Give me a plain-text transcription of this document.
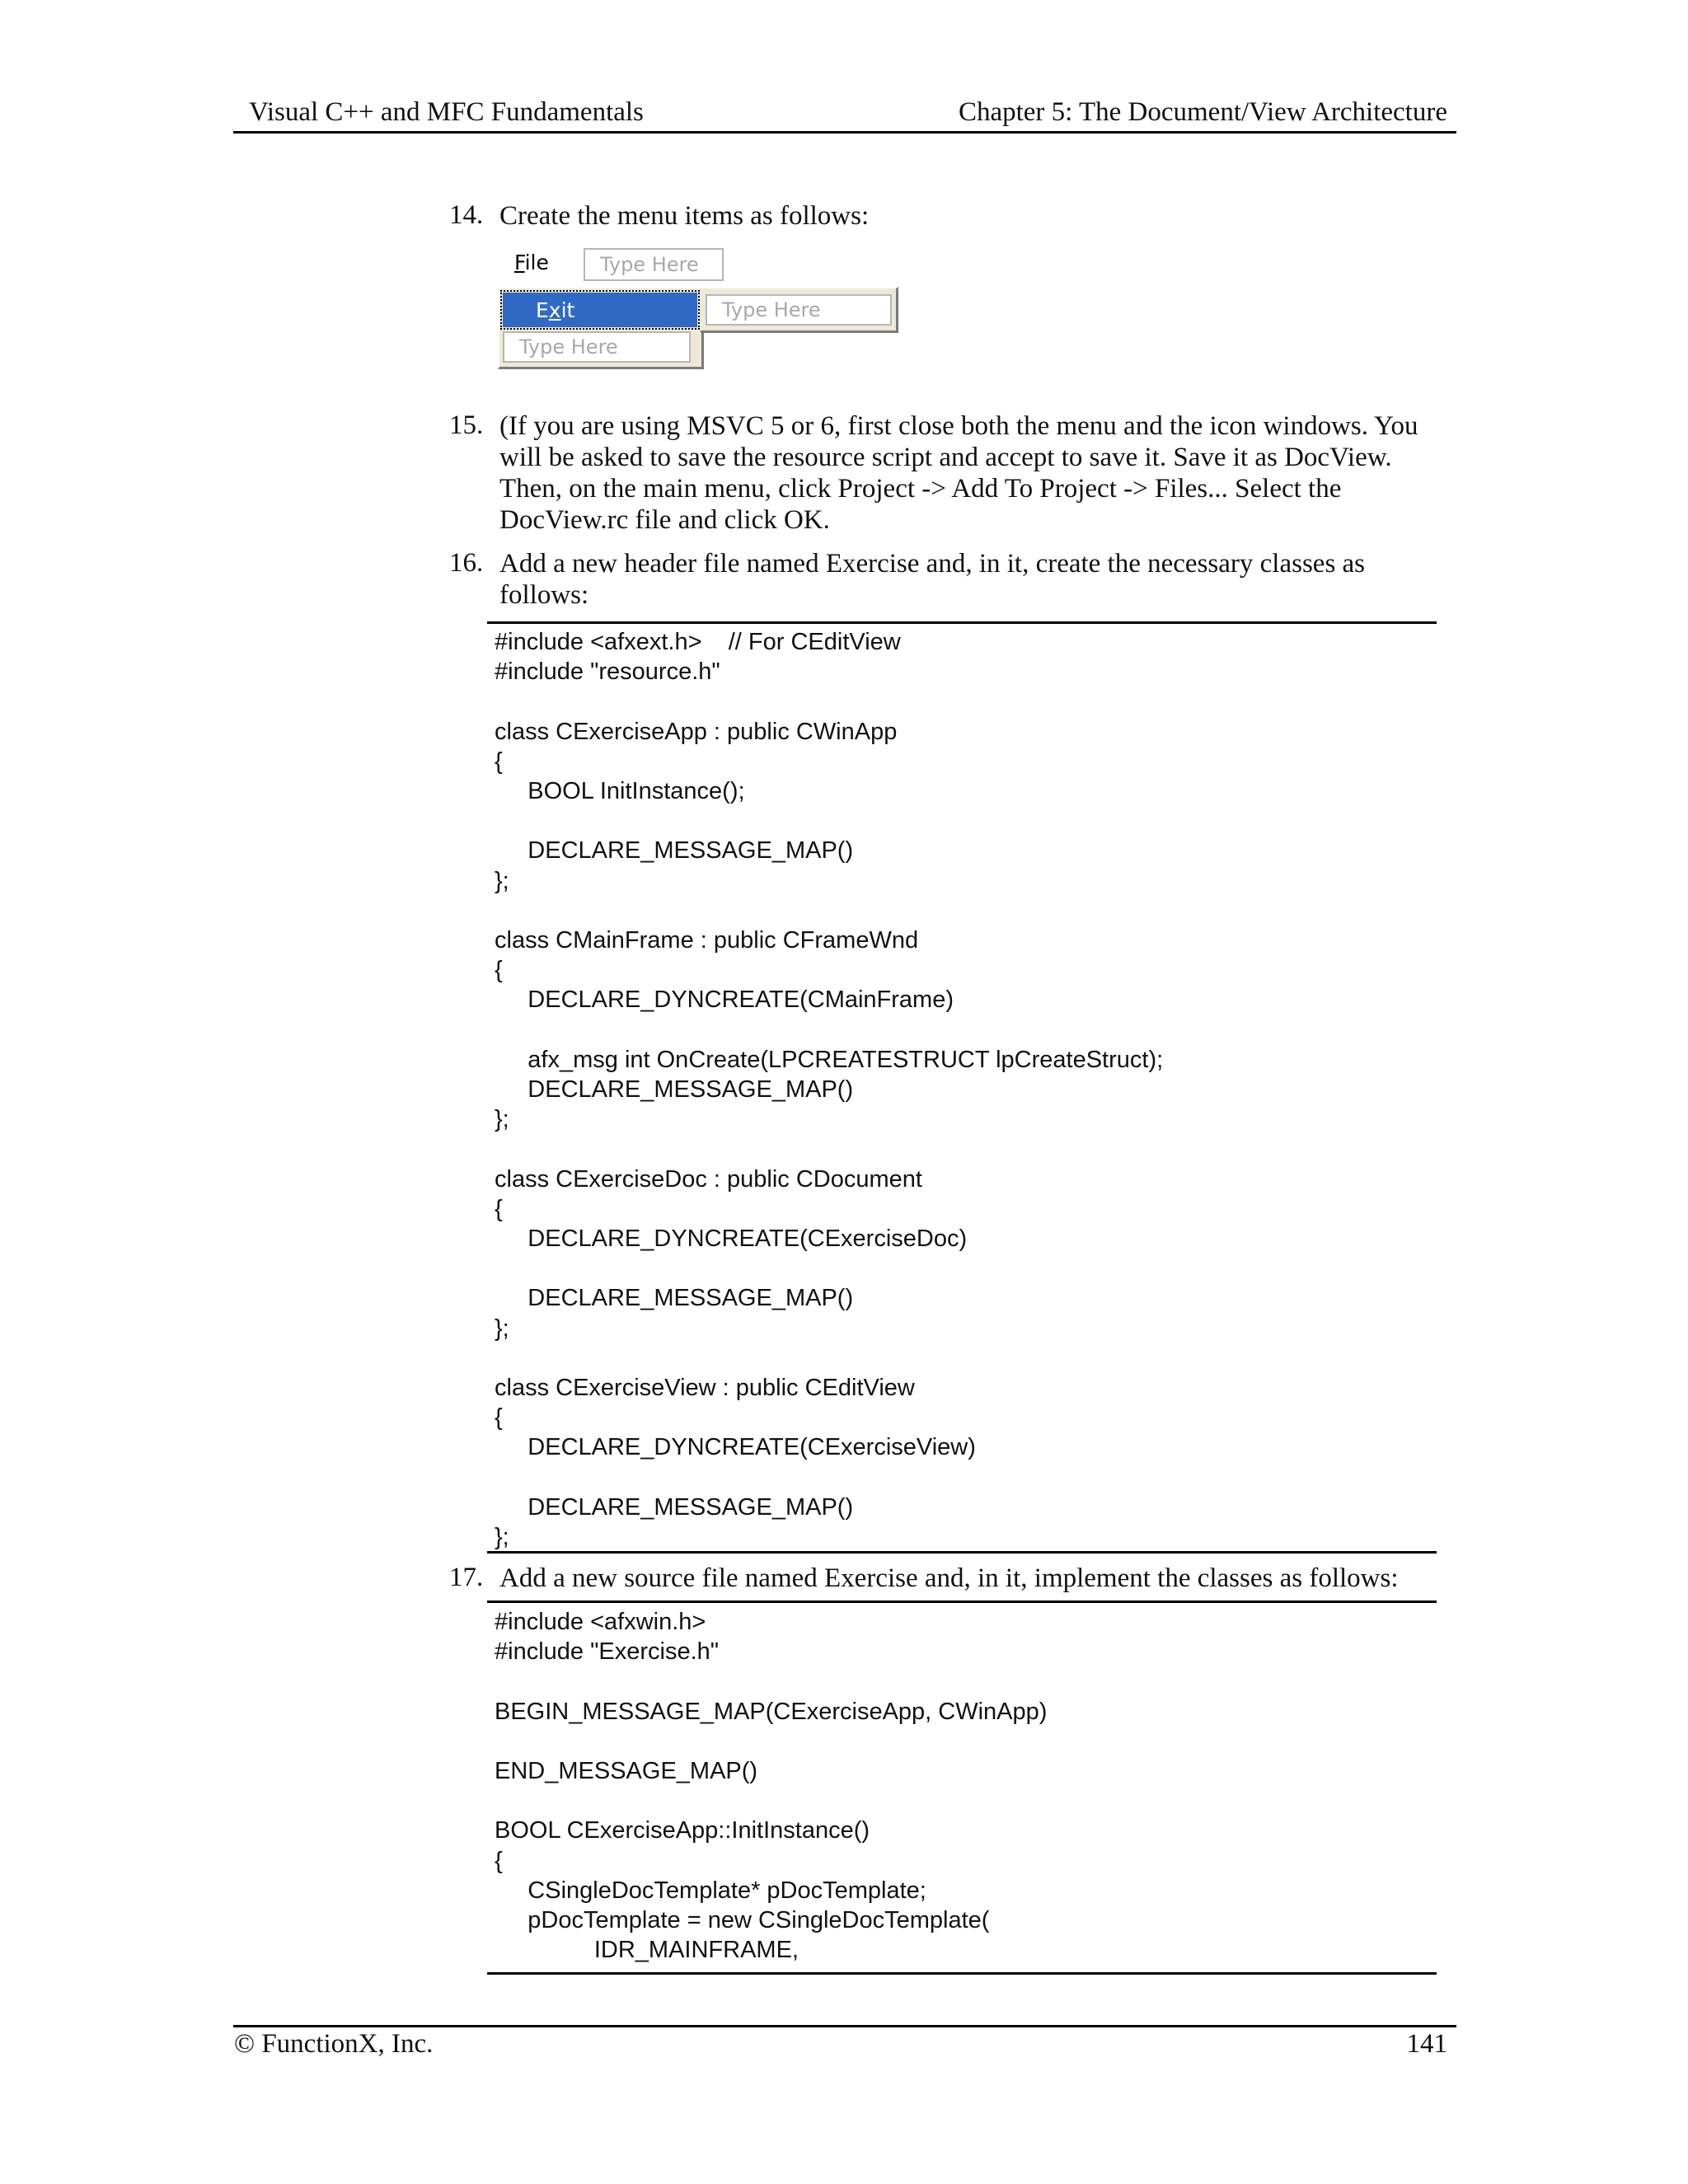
Visual C++ and MFC Fundamentals	Chapter 5: The Document/View Architecture
14. Create the menu items as follows:
File	Type Here
E x it
Type Here
Type Here
15. (If you are using MSVC 5 or 6, first close both the menu and the icon windows. You will be asked to save the resource script and accept to save it. Save it as DocView. Then, on the main menu, click Project -> Add To Project -> Files... Select the DocView.rc file and click OK.
16. Add a new header file named Exercise and, in it, create the necessary classes as follows:
#include <afxext.h>    // For CEditView
#include "resource.h"

class CExerciseApp : public CWinApp
{
BOOL InitInstance();

DECLARE_MESSAGE_MAP()
};

class CMainFrame : public CFrameWnd
{
DECLARE_DYNCREATE(CMainFrame)

afx_msg int OnCreate(LPCREATESTRUCT lpCreateStruct);
DECLARE_MESSAGE_MAP()
};

class CExerciseDoc : public CDocument
{
DECLARE_DYNCREATE(CExerciseDoc)

DECLARE_MESSAGE_MAP()
};

class CExerciseView : public CEditView
{
DECLARE_DYNCREATE(CExerciseView)

DECLARE_MESSAGE_MAP()
};
17. Add a new source file named Exercise and, in it, implement the classes as follows:
#include <afxwin.h>
#include "Exercise.h"

BEGIN_MESSAGE_MAP(CExerciseApp, CWinApp)

END_MESSAGE_MAP()

BOOL CExerciseApp::InitInstance()
{
CSingleDocTemplate* pDocTemplate;
pDocTemplate = new CSingleDocTemplate(
IDR_MAINFRAME,
© FunctionX, Inc.	141
